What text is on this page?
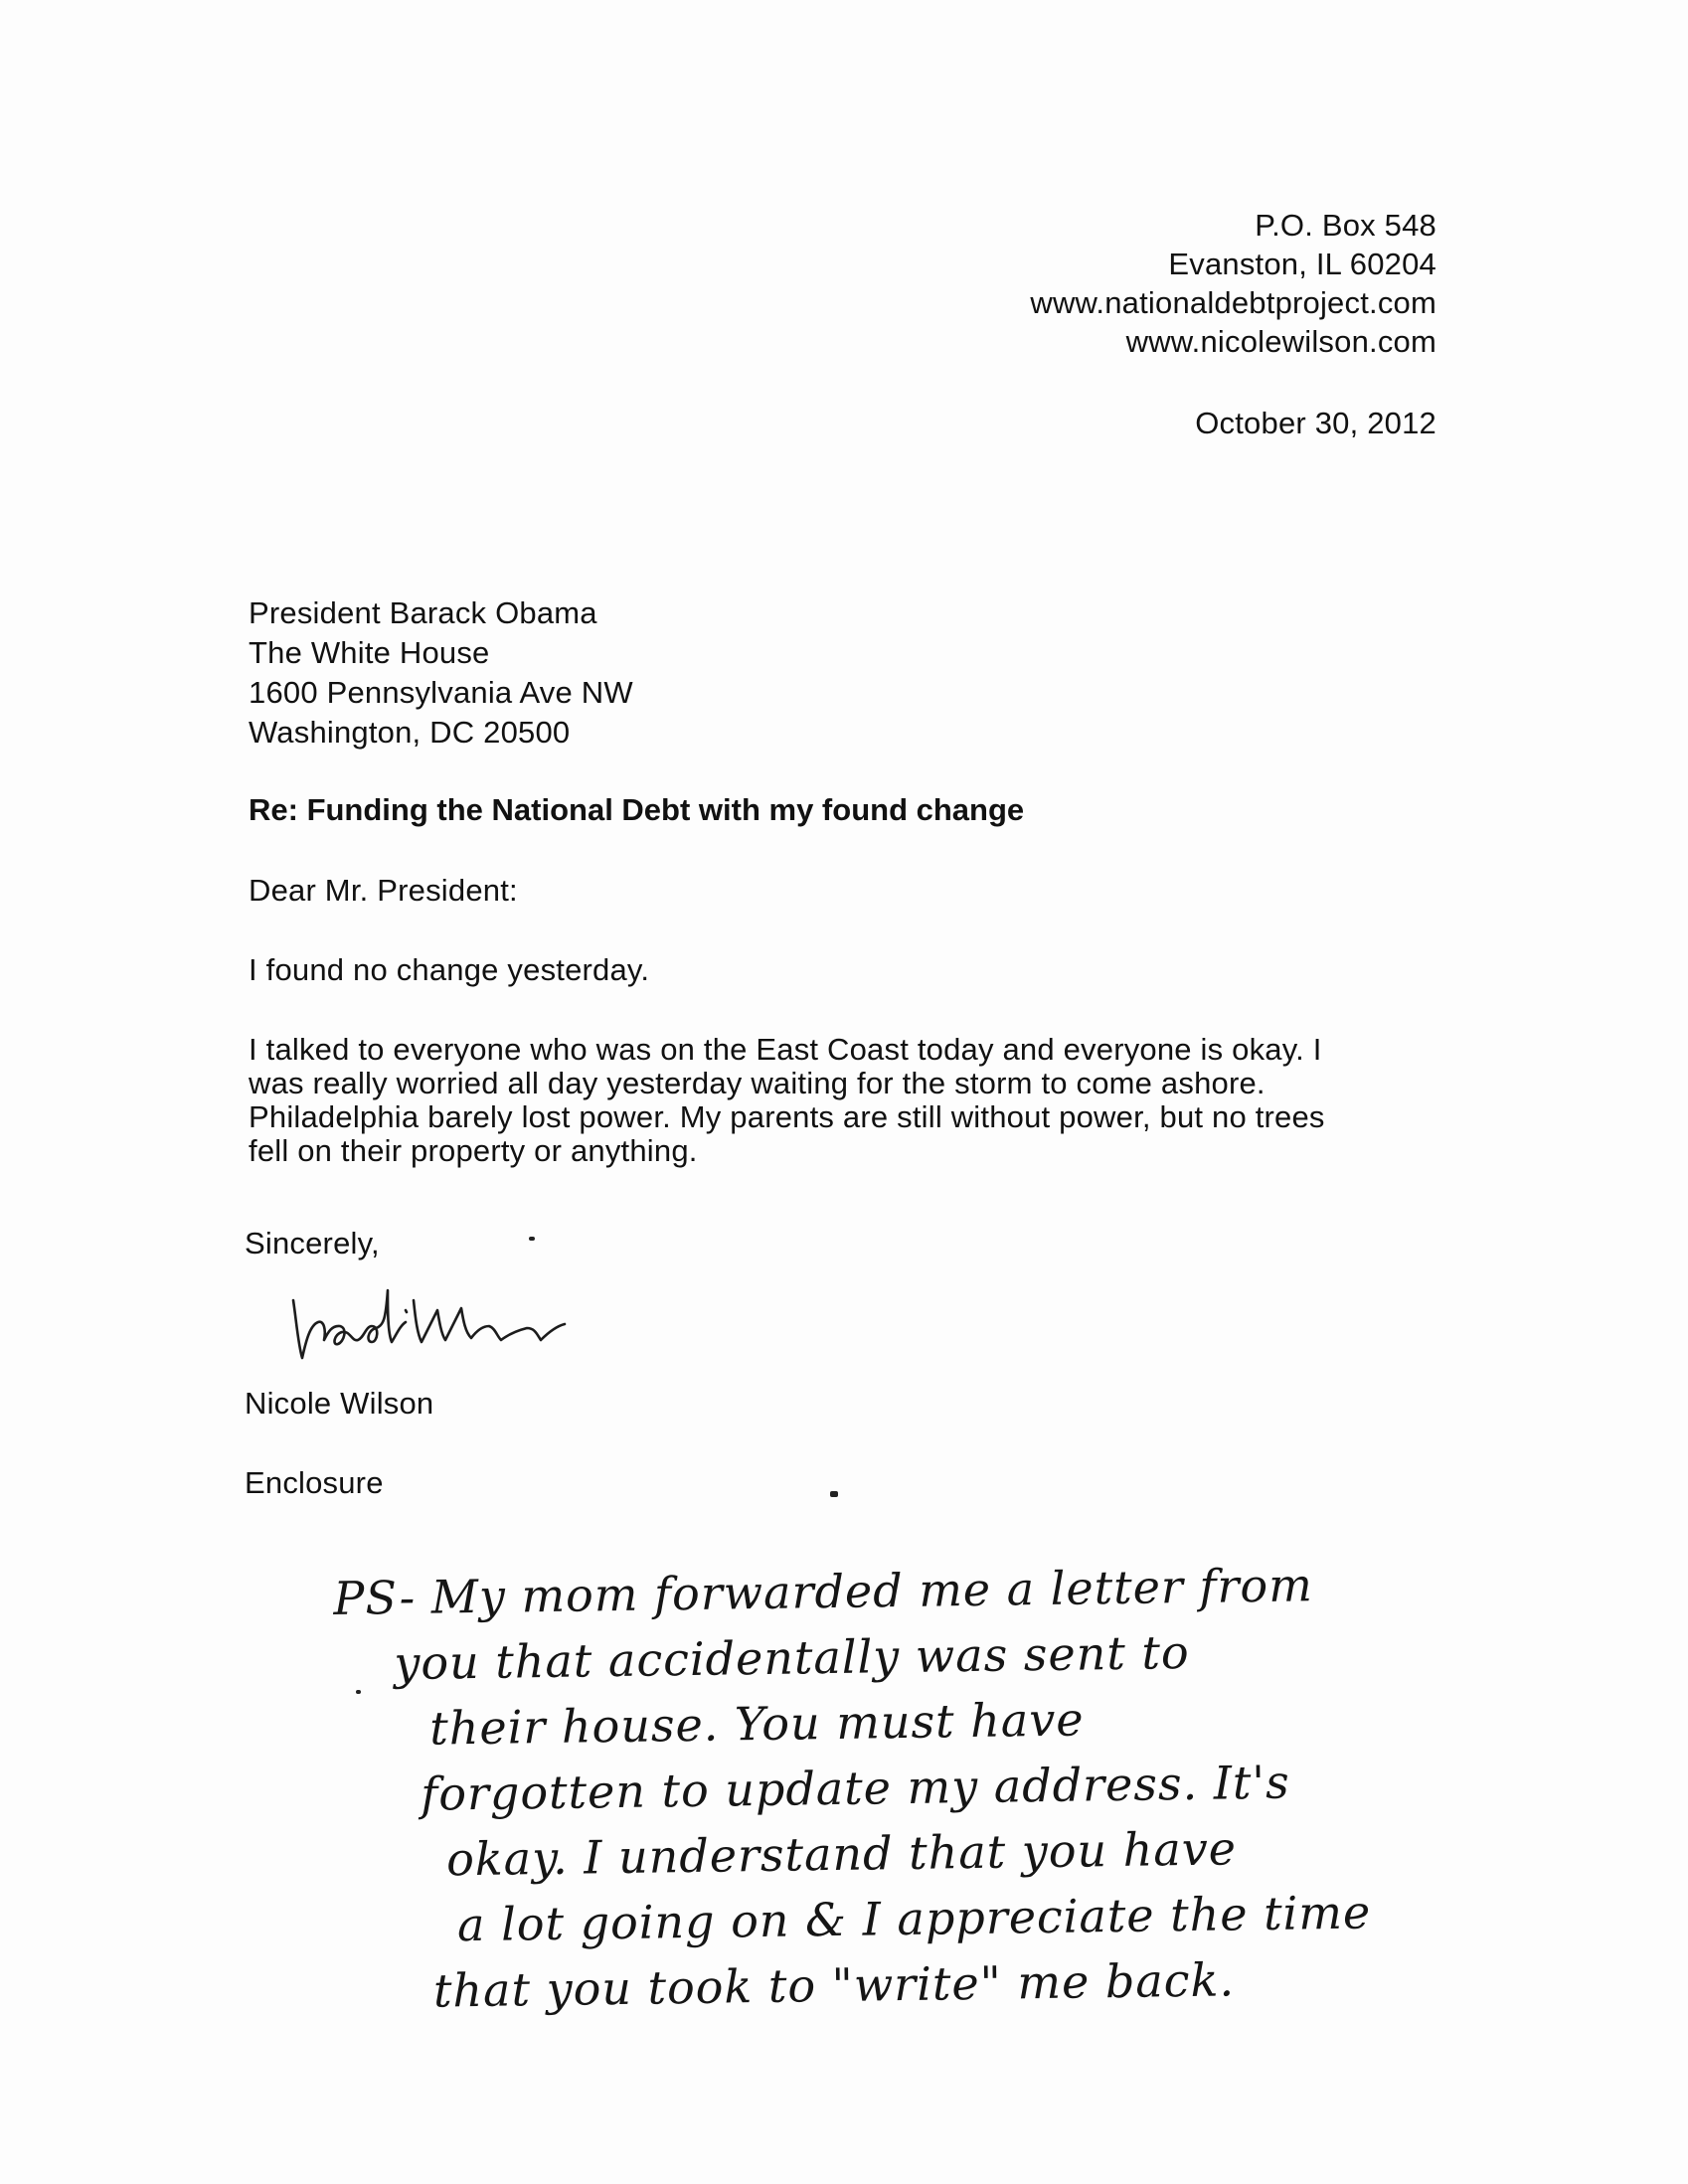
P.O. Box 548
Evanston, IL 60204
www.nationaldebtproject.com
www.nicolewilson.com
October 30, 2012
President Barack Obama
The White House
1600 Pennsylvania Ave NW
Washington, DC 20500
Re: Funding the National Debt with my found change
Dear Mr. President:
I found no change yesterday.
I talked to everyone who was on the East Coast today and everyone is okay. I
was really worried all day yesterday waiting for the storm to come ashore.
Philadelphia barely lost power. My parents are still without power, but no trees
fell on their property or anything.
Sincerely,
Nicole Wilson
Enclosure
PS- My mom forwarded me a letter from
you that accidentally was sent to
their house. You must have
forgotten to update my address. It's
okay. I understand that you have
a lot going on & I appreciate the time
that you took to "write" me back.
